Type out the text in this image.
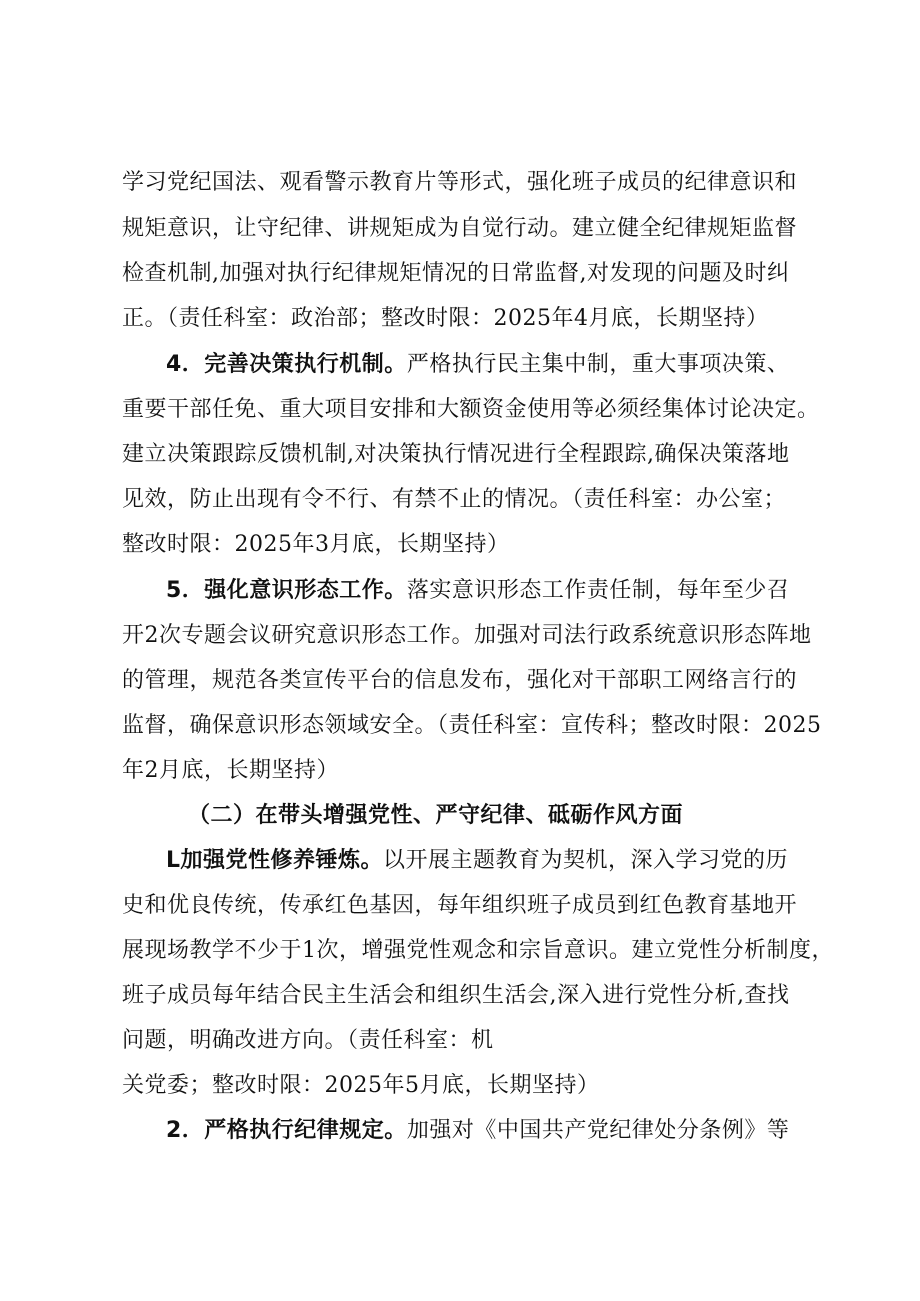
学习党纪国法、观看警示教育片等形式，强化班子成员的纪律意识和
规矩意识，让守纪律、讲规矩成为自觉行动。建立健全纪律规矩监督
检查机制,加强对执行纪律规矩情况的日常监督,对发现的问题及时纠
正。（责任科室：政治部；整改时限：2025年4月底，长期坚持）
4．完善决策执行机制。严格执行民主集中制，重大事项决策、
重要干部任免、重大项目安排和大额资金使用等必须经集体讨论决定。
建立决策跟踪反馈机制,对决策执行情况进行全程跟踪,确保决策落地
见效，防止出现有令不行、有禁不止的情况。（责任科室：办公室；
整改时限：2025年3月底，长期坚持）
5．强化意识形态工作。落实意识形态工作责任制，每年至少召
开2次专题会议研究意识形态工作。加强对司法行政系统意识形态阵地
的管理，规范各类宣传平台的信息发布，强化对干部职工网络言行的
监督，确保意识形态领域安全。（责任科室：宣传科；整改时限：2025
年2月底，长期坚持）
（二）在带头增强党性、严守纪律、砥砺作风方面
L加强党性修养锤炼。以开展主题教育为契机，深入学习党的历
史和优良传统，传承红色基因，每年组织班子成员到红色教育基地开
展现场教学不少于1次，增强党性观念和宗旨意识。建立党性分析制度，
班子成员每年结合民主生活会和组织生活会,深入进行党性分析,查找
问题，明确改进方向。（责任科室：机
关党委；整改时限：2025年5月底，长期坚持）
2．严格执行纪律规定。加强对《中国共产党纪律处分条例》等
